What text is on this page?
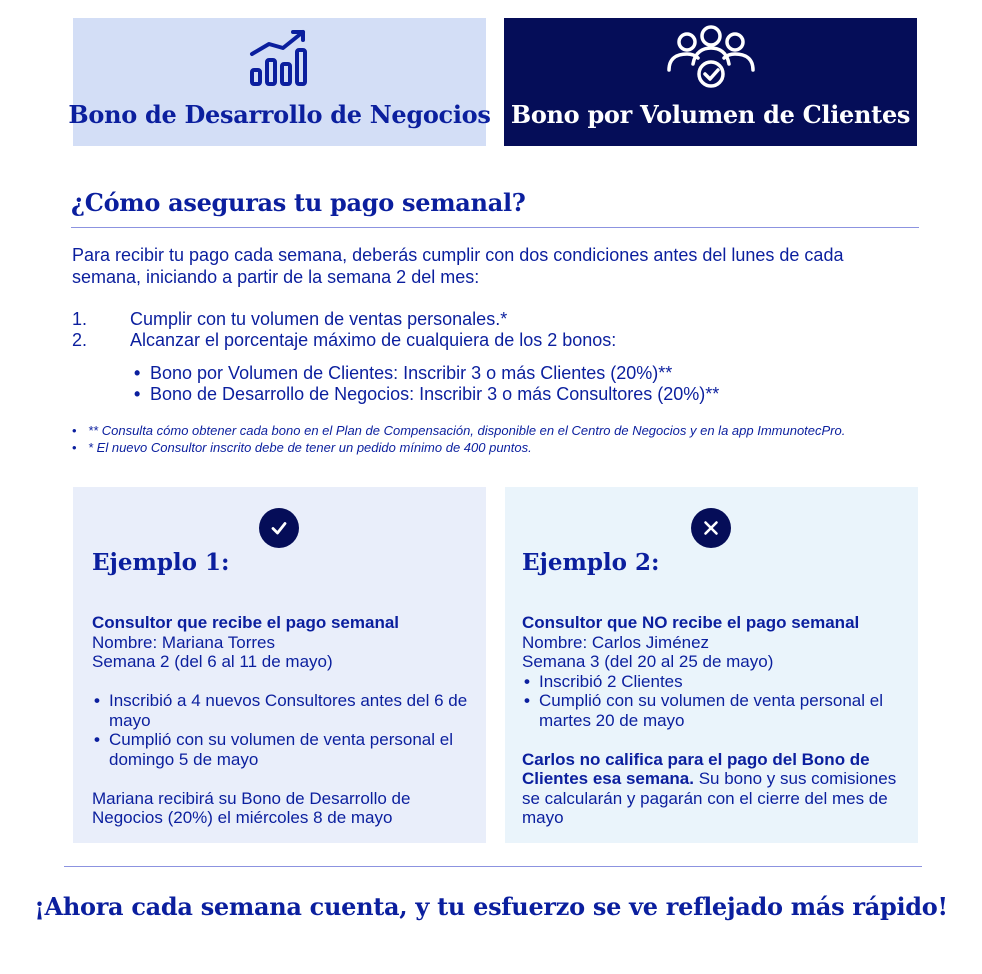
Bono de Desarrollo de Negocios Bono por Volumen de Clientes
¿Cómo aseguras tu pago semanal?
Para recibir tu pago cada semana, deberás cumplir con dos condiciones antes del lunes de cada semana, iniciando a partir de la semana 2 del mes:
1.	Cumplir con tu volumen de ventas personales.*
2.	Alcanzar el porcentaje máximo de cualquiera de los 2 bonos:
• Bono por Volumen de Clientes: Inscribir 3 o más Clientes (20%)**
• Bono de Desarrollo de Negocios: Inscribir 3 o más Consultores (20%)**
• ** Consulta cómo obtener cada bono en el Plan de Compensación, disponible en el Centro de Negocios y en la app ImmunotecPro.
• * El nuevo Consultor inscrito debe de tener un pedido mínimo de 400 puntos.
Ejemplo 1:
Consultor que recibe el pago semanal
Nombre: Mariana Torres
Semana 2 (del 6 al 11 de mayo)
• Inscribió a 4 nuevos Consultores antes del 6 de mayo
• Cumplió con su volumen de venta personal el domingo 5 de mayo
Mariana recibirá su Bono de Desarrollo de Negocios (20%) el miércoles 8 de mayo
Ejemplo 2:
Consultor que NO recibe el pago semanal
Nombre: Carlos Jiménez
Semana 3 (del 20 al 25 de mayo)
• Inscribió 2 Clientes
• Cumplió con su volumen de venta personal el martes 20 de mayo
Carlos no califica para el pago del Bono de Clientes esa semana. Su bono y sus comisiones se calcularán y pagarán con el cierre del mes de mayo
¡Ahora cada semana cuenta, y tu esfuerzo se ve reflejado más rápido!
